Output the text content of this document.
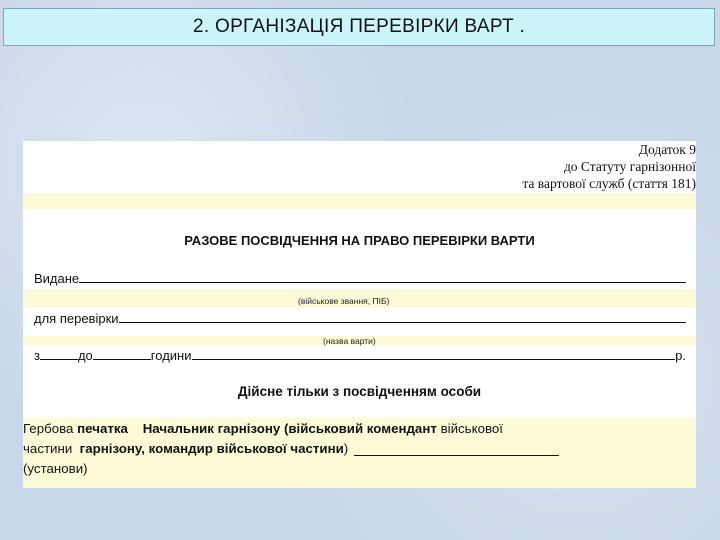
2. ОРГАНІЗАЦІЯ ПЕРЕВІРКИ ВАРТ .
Додаток 9
до Статуту гарнізонної
та вартової служб (стаття 181)
РАЗОВЕ ПОСВІДЧЕННЯ НА ПРАВО ПЕРЕВІРКИ ВАРТИ
Видане
(військове звання, ПІБ)
для перевірки
(назва варти)
з	до	години	р.
Дійсне тільки з посвідченням особи
Гербова печатка Начальник гарнізону (військовий комендант військової
частини
гарнізону, командир військової частини )
(установи)
